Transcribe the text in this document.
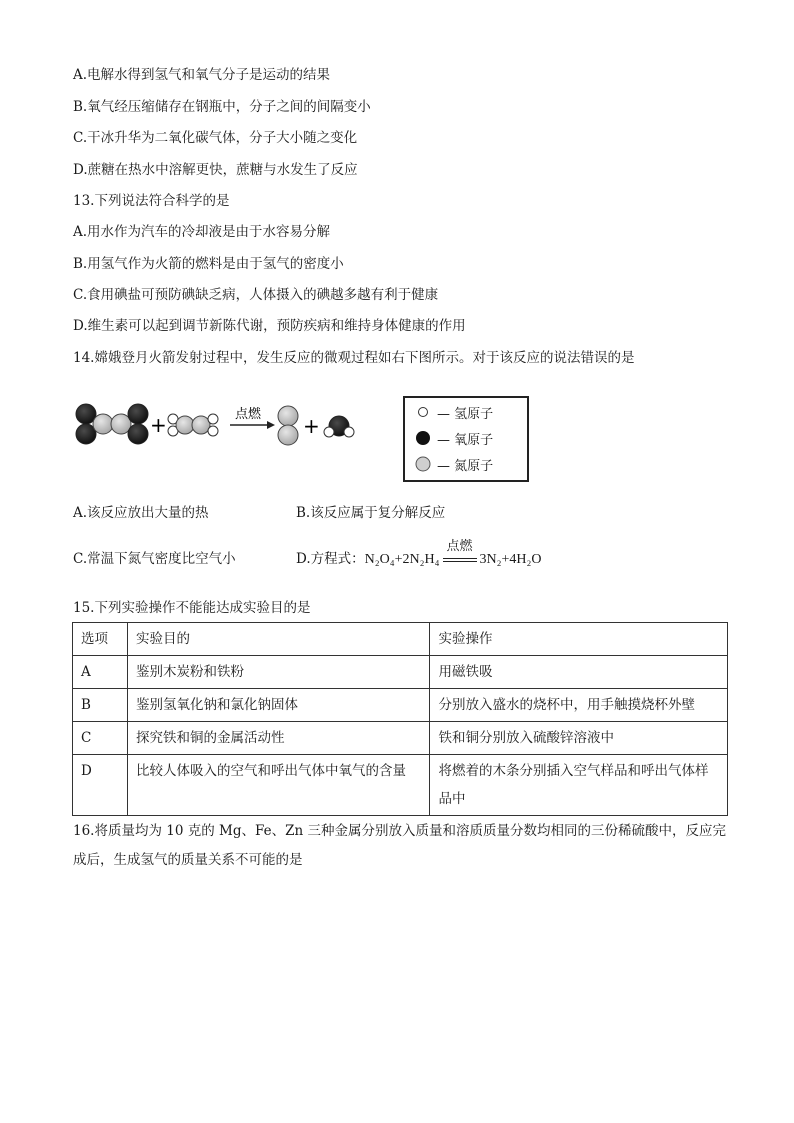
A.电解水得到氢气和氧气分子是运动的结果
B.氧气经压缩储存在钢瓶中，分子之间的间隔变小
C.干冰升华为二氧化碳气体，分子大小随之变化
D.蔗糖在热水中溶解更快，蔗糖与水发生了反应
13.下列说法符合科学的是
A.用水作为汽车的冷却液是由于水容易分解
B.用氢气作为火箭的燃料是由于氢气的密度小
C.食用碘盐可预防碘缺乏病，人体摄入的碘越多越有利于健康
D.维生素可以起到调节新陈代谢，预防疾病和维持身体健康的作用
14.嫦娥登月火箭发射过程中，发生反应的微观过程如右下图所示。对于该反应的说法错误的是
+	点燃 +	— 氢原子
— 氧原子
— 氮原子
A.该反应放出大量的热	B.该反应属于复分解反应
C.常温下氮气密度比空气小	D.方程式：N₂O₄+2N₂H₄
点燃
3N₂+4H₂O
15.下列实验操作不能能达成实验目的是
选项	实验目的	实验操作
A	鉴别木炭粉和铁粉	用磁铁吸
B	鉴别氢氧化钠和氯化钠固体	分别放入盛水的烧杯中，用手触摸烧杯外壁
C	探究铁和铜的金属活动性	铁和铜分别放入硫酸锌溶液中
D	比较人体吸入的空气和呼出气体中氧气的含量	将燃着的木条分别插入空气样品和呼出气体样
品中
16.将质量均为 10 克的 Mg、Fe、Zn 三种金属分别放入质量和溶质质量分数均相同的三份稀硫酸中，反应完
成后，生成氢气的质量关系不可能的是
